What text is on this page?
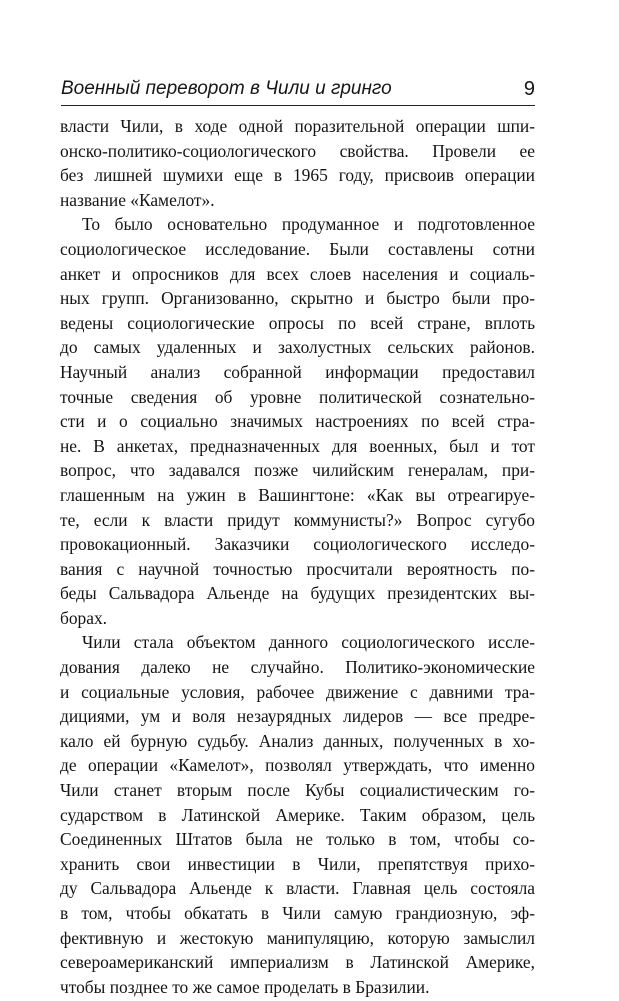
Военный переворот в Чили и гринго	9

власти Чили, в ходе одной поразительной операции шпи-
онско-политико-социологического свойства. Провели ее
без лишней шумихи еще в 1965 году, присвоив операции
название «Камелот».

То было основательно продуманное и подготовленное
социологическое исследование. Были составлены сотни
анкет и опросников для всех слоев населения и социаль-
ных групп. Организованно, скрытно и быстро были про-
ведены социологические опросы по всей стране, вплоть
до самых удаленных и захолустных сельских районов.
Научный анализ собранной информации предоставил
точные сведения об уровне политической сознательно-
сти и о социально значимых настроениях по всей стра-
не. В анкетах, предназначенных для военных, был и тот
вопрос, что задавался позже чилийским генералам, при-
глашенным на ужин в Вашингтоне: «Как вы отреагируе-
те, если к власти придут коммунисты?» Вопрос сугубо
провокационный. Заказчики социологического исследо-
вания с научной точностью просчитали вероятность по-
беды Сальвадора Альенде на будущих президентских вы-
борах.

Чили стала объектом данного социологического иссле-
дования далеко не случайно. Политико-экономические
и социальные условия, рабочее движение с давними тра-
дициями, ум и воля незаурядных лидеров — все предре-
кало ей бурную судьбу. Анализ данных, полученных в хо-
де операции «Камелот», позволял утверждать, что именно
Чили станет вторым после Кубы социалистическим го-
сударством в Латинской Америке. Таким образом, цель
Соединенных Штатов была не только в том, чтобы со-
хранить свои инвестиции в Чили, препятствуя прихо-
ду Сальвадора Альенде к власти. Главная цель состояла
в том, чтобы обкатать в Чили самую грандиозную, эф-
фективную и жестокую манипуляцию, которую замыслил
североамериканский империализм в Латинской Америке,
чтобы позднее то же самое проделать в Бразилии.
